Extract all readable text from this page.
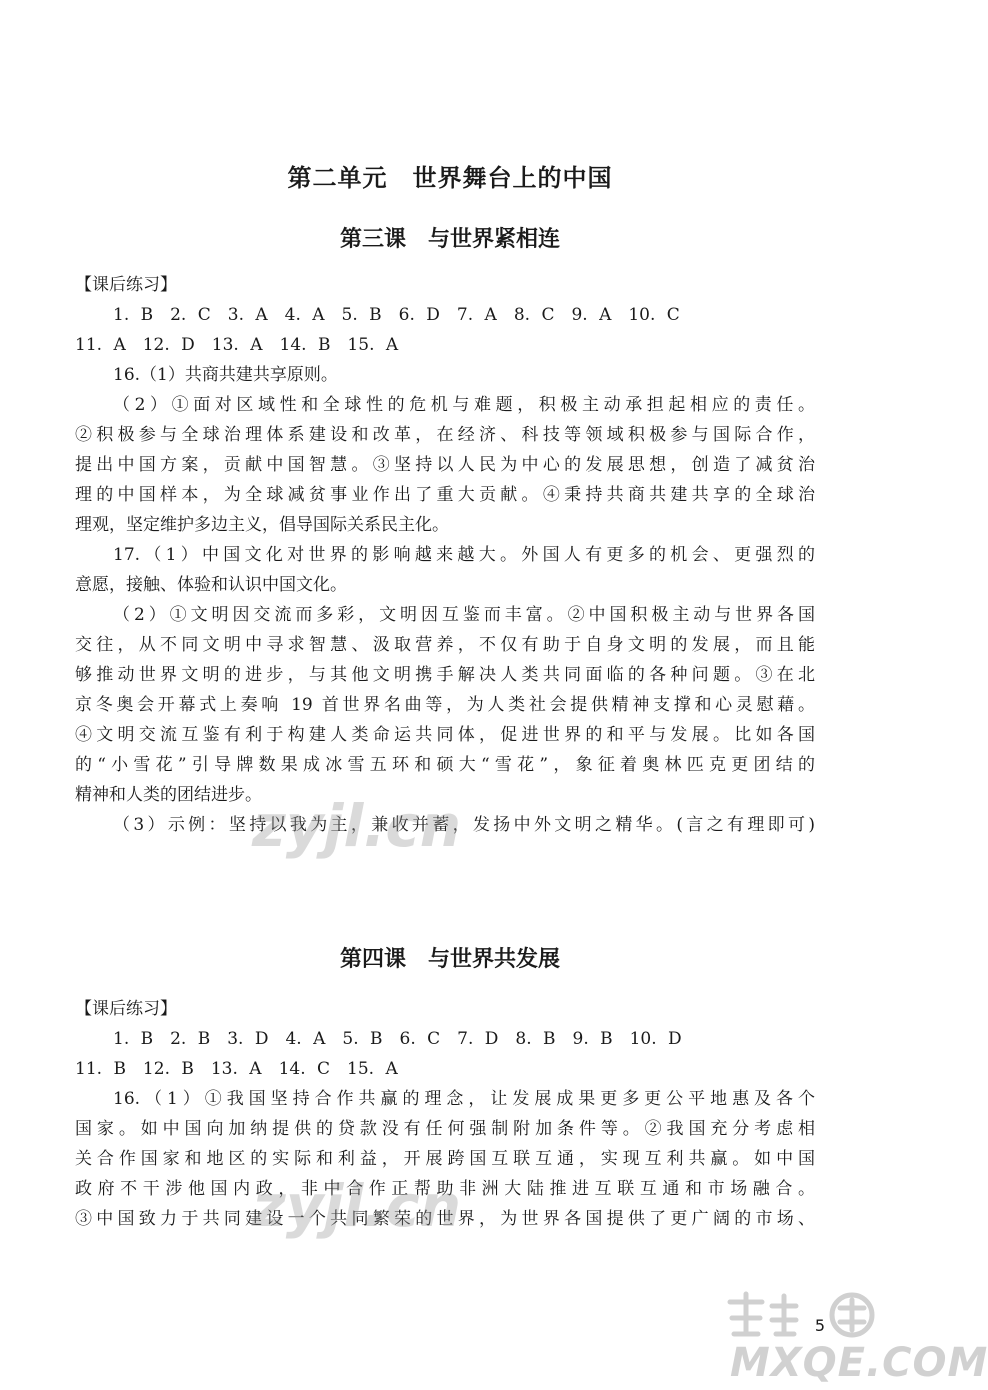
第二单元　世界舞台上的中国
第三课　与世界紧相连
【课后练习】
1. B　2. C　3. A　4. A　5. B　6. D　7. A　8. C　9. A　10. C
11. A　12. D　13. A　14. B　15. A
16.（1）共商共建共享原则。
（2）①面对区域性和全球性的危机与难题，积极主动承担起相应的责任。
②积极参与全球治理体系建设和改革，在经济、科技等领域积极参与国际合作，
提出中国方案，贡献中国智慧。③坚持以人民为中心的发展思想，创造了减贫治
理的中国样本，为全球减贫事业作出了重大贡献。④秉持共商共建共享的全球治
理观，坚定维护多边主义，倡导国际关系民主化。
17.（1）中国文化对世界的影响越来越大。外国人有更多的机会、更强烈的
意愿，接触、体验和认识中国文化。
（2）①文明因交流而多彩，文明因互鉴而丰富。②中国积极主动与世界各国
交往，从不同文明中寻求智慧、汲取营养，不仅有助于自身文明的发展，而且能
够推动世界文明的进步，与其他文明携手解决人类共同面临的各种问题。③在北
京冬奥会开幕式上奏响 19 首世界名曲等，为人类社会提供精神支撑和心灵慰藉。
④文明交流互鉴有利于构建人类命运共同体，促进世界的和平与发展。比如各国
的“小雪花”引导牌数果成冰雪五环和硕大“雪花”，象征着奥林匹克更团结的
精神和人类的团结进步。
（3）示例：坚持以我为主，兼收并蓄，发扬中外文明之精华。(言之有理即可)
第四课　与世界共发展
【课后练习】
1. B　2. B　3. D　4. A　5. B　6. C　7. D　8. B　9. B　10. D
11. B　12. B　13. A　14. C　15. A
16.（1）①我国坚持合作共赢的理念，让发展成果更多更公平地惠及各个
国家。如中国向加纳提供的贷款没有任何强制附加条件等。②我国充分考虑相
关合作国家和地区的实际和利益，开展跨国互联互通，实现互利共赢。如中国
政府不干涉他国内政，非中合作正帮助非洲大陆推进互联互通和市场融合。
③中国致力于共同建设一个共同繁荣的世界，为世界各国提供了更广阔的市场、
5
zyjl.cn
zyjl.cn
MXQE.COM
